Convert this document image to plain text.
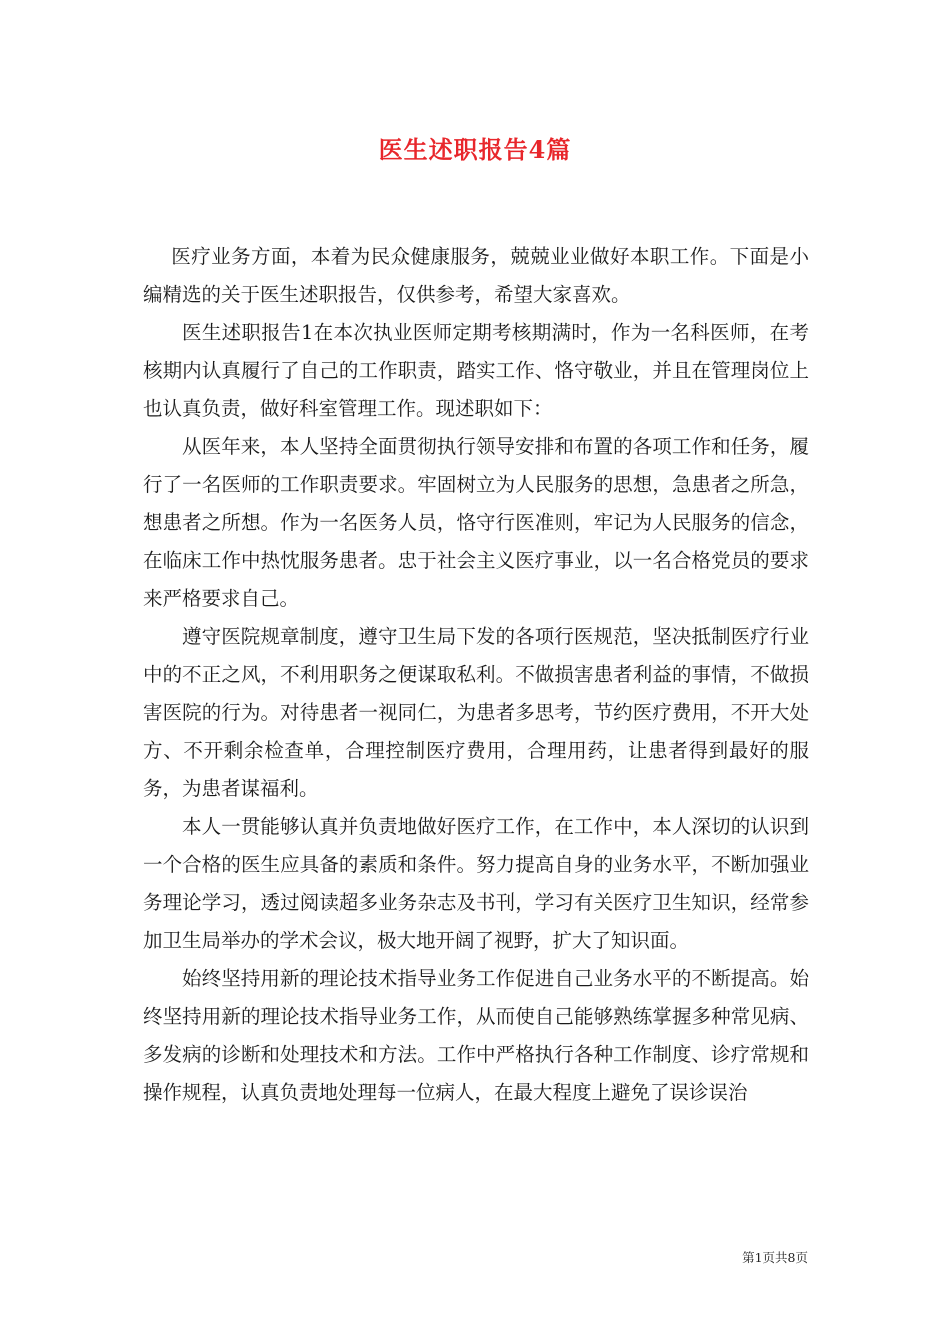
医生述职报告4篇

医疗业务方面，本着为民众健康服务，兢兢业业做好本职工作。下面是小编精选的关于医生述职报告，仅供参考，希望大家喜欢。

医生述职报告1在本次执业医师定期考核期满时，作为一名科医师，在考核期内认真履行了自己的工作职责，踏实工作、恪守敬业，并且在管理岗位上也认真负责，做好科室管理工作。现述职如下：

从医年来，本人坚持全面贯彻执行领导安排和布置的各项工作和任务，履行了一名医师的工作职责要求。牢固树立为人民服务的思想，急患者之所急，想患者之所想。作为一名医务人员，恪守行医准则，牢记为人民服务的信念，在临床工作中热忱服务患者。忠于社会主义医疗事业，以一名合格党员的要求来严格要求自己。

遵守医院规章制度，遵守卫生局下发的各项行医规范，坚决抵制医疗行业中的不正之风，不利用职务之便谋取私利。不做损害患者利益的事情，不做损害医院的行为。对待患者一视同仁，为患者多思考，节约医疗费用，不开大处方、不开剩余检查单，合理控制医疗费用，合理用药，让患者得到最好的服务，为患者谋福利。

本人一贯能够认真并负责地做好医疗工作，在工作中，本人深切的认识到一个合格的医生应具备的素质和条件。努力提高自身的业务水平，不断加强业务理论学习，透过阅读超多业务杂志及书刊，学习有关医疗卫生知识，经常参加卫生局举办的学术会议，极大地开阔了视野，扩大了知识面。

始终坚持用新的理论技术指导业务工作促进自己业务水平的不断提高。始终坚持用新的理论技术指导业务工作，从而使自己能够熟练掌握多种常见病、多发病的诊断和处理技术和方法。工作中严格执行各种工作制度、诊疗常规和操作规程，认真负责地处理每一位病人，在最大程度上避免了误诊误治

第1页共8页
